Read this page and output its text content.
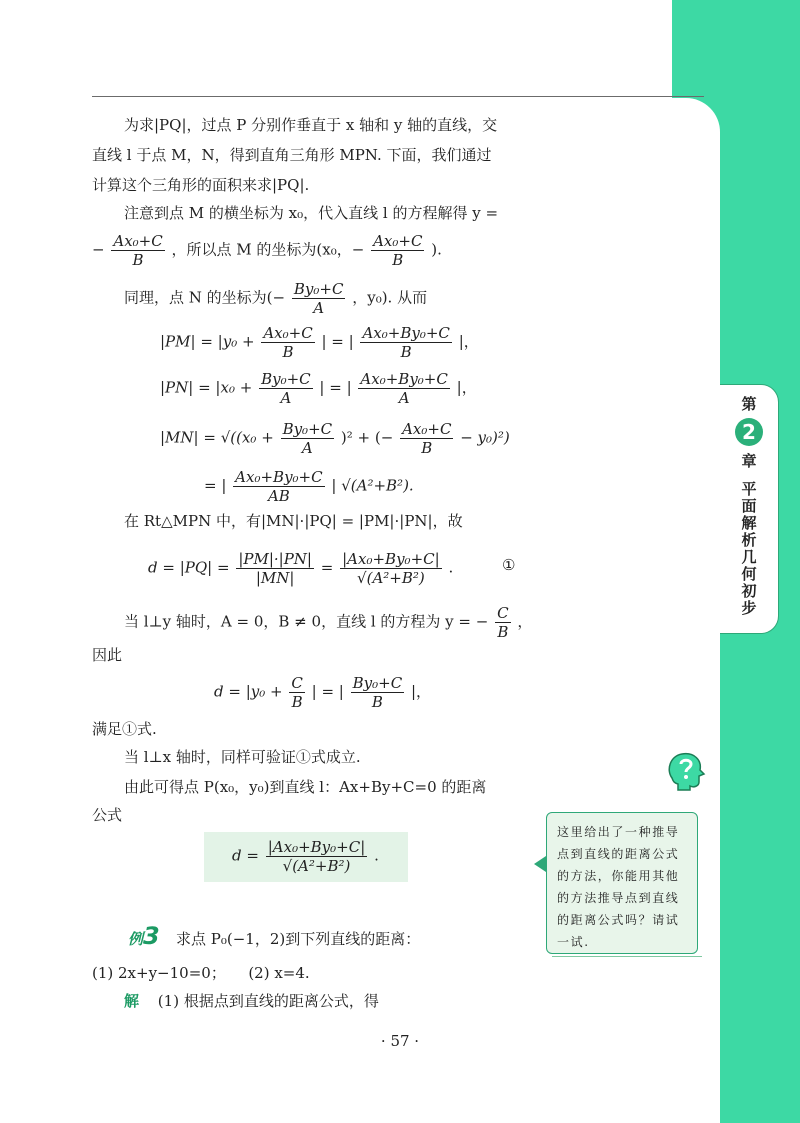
第
2
章
平面解析几何初步
为求|PQ|，过点 P 分别作垂直于 x 轴和 y 轴的直线，交
直线 l 于点 M，N，得到直角三角形 MPN. 下面，我们通过
计算这个三角形的面积来求|PQ|.
注意到点 M 的横坐标为 x₀，代入直线 l 的方程解得 y =
− $\frac{\text{Ax₀+C}}{B}$ ，所以点 M 的坐标为(x₀，− $\frac{\text{Ax₀+C}}{B}$ ).
同理，点 N 的坐标为(− $\frac{\text{By₀+C}}{A}$ ，y₀). 从而
$|PM| = |y_0 + \frac{\text{Ax₀+C}}{B}$ | = | $\frac{\text{Ax₀+By₀+C}}{B}$ |，
$|PN| = |x_0 + \frac{\text{By₀+C}}{A}$ | = | $\frac{\text{Ax₀+By₀+C}}{A}$ |，
$|MN| = √((x_0 + \frac{\text{By₀+C}}{A} )^2$ + (− $\frac{\text{Ax₀+C}}{B} - y_0)^2$)
= | $\frac{\text{Ax₀+By₀+C}}{AB}$ | √(A²+B²).
在 Rt△MPN 中，有|MN|·|PQ| = |PM|·|PN|，故
$d = |PQ| = \frac{|PM|\cdot|PN|}{|MN|} = \frac{\text{|Ax₀+By₀+C|}}{\text{√(A²+B²)}}$ .	①
当 l⊥y 轴时，A = 0，B ≠ 0，直线 l 的方程为 y = − $\frac{C}{B}$ ，
因此
$d = |y_0 + \frac{C}{B}$ | = | $\frac{\text{By₀+C}}{B}$ |，
满足①式.
当 l⊥x 轴时，同样可验证①式成立.
由此可得点 P(x₀，y₀)到直线 l：Ax+By+C=0 的距离
公式
$d = \frac{\text{|Ax₀+By₀+C|}}{\text{√(A²+B²)}}$ .
这里给出了一种推导点到直线的距离公式的方法，你能用其他的方法推导点到直线的距离公式吗？请试一试.
例3 求点 P₀(−1，2)到下列直线的距离：
(1) 2x+y−10=0；　　(2) x=4.
解 (1) 根据点到直线的距离公式，得
· 57 ·
